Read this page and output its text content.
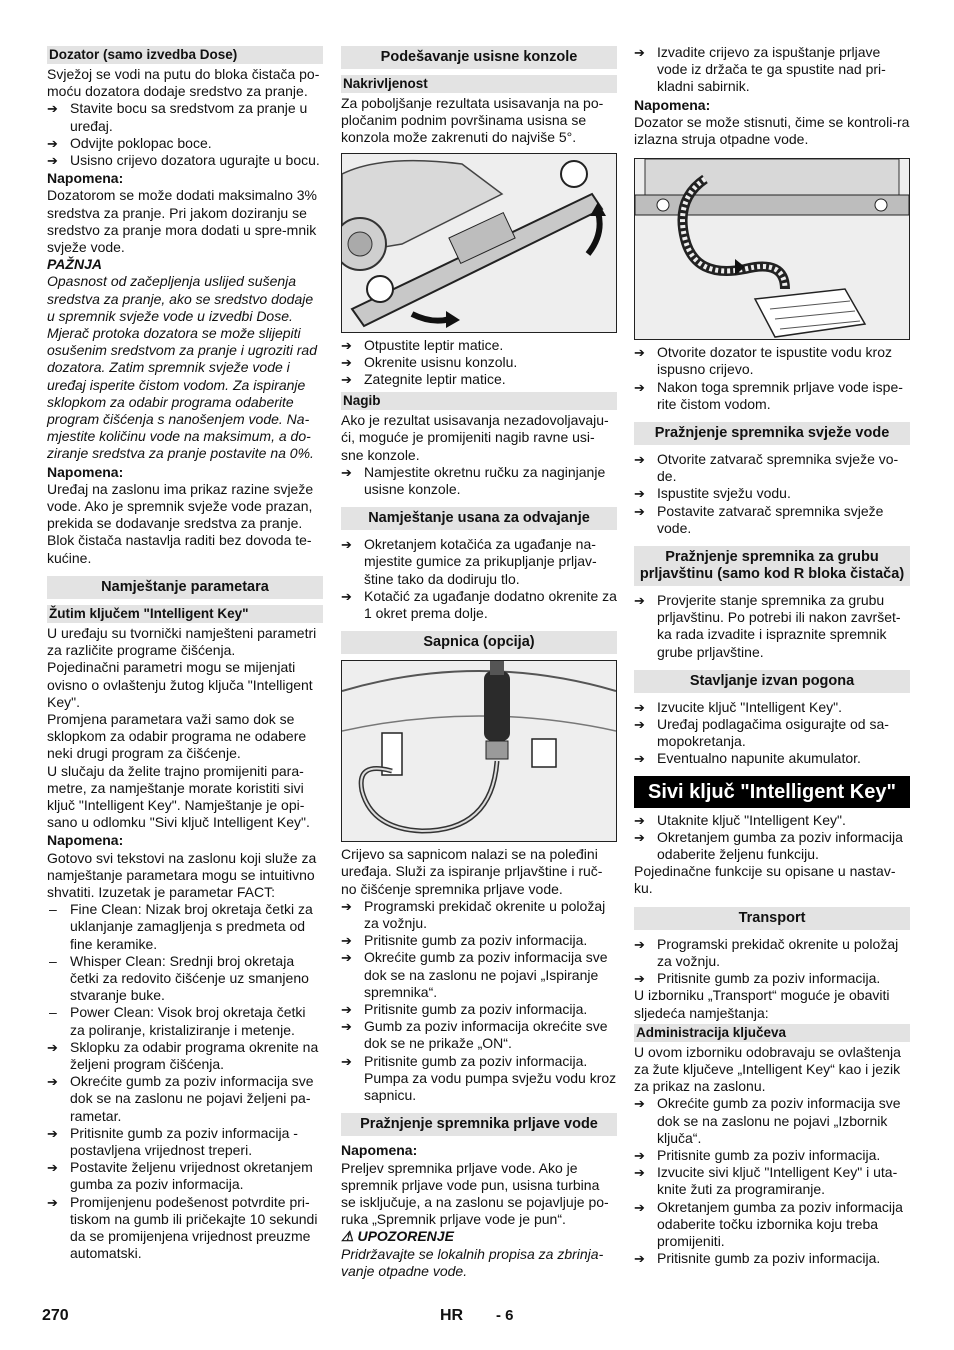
Dozator (samo izvedba Dose)

Svježoj se vodi na putu do bloka čistača po-moću dozatora dodaje sredstvo za pranje.

➔ Stavite bocu sa sredstvom za pranje u uređaj.
➔ Odvijte poklopac boce.
➔ Usisno crijevo dozatora ugurajte u bocu.

Napomena:

Dozatorom se može dodati maksimalno 3% sredstva za pranje. Pri jakom doziranju se sredstvo za pranje mora dodati u spre-mnik svježe vode.

PAŽNJA

Opasnost od začepljenja uslijed sušenja sredstva za pranje, ako se sredstvo dodaje u spremnik svježe vode u izvedbi Dose. Mjerač protoka dozatora se može slijepiti osušenim sredstvom za pranje i ugroziti rad dozatora. Zatim spremnik svježe vode i uređaj isperite čistom vodom. Za ispiranje sklopkom za odabir programa odaberite program čišćenja s nanošenjem vode. Na-mjestite količinu vode na maksimum, a do-ziranje sredstva za pranje postavite na 0%.

Napomena:

Uređaj na zaslonu ima prikaz razine svježe vode. Ako je spremnik svježe vode prazan, prekida se dodavanje sredstva za pranje. Blok čistača nastavlja raditi bez dovoda te-kućine.

Namještanje parametara
Žutim ključem "Intelligent Key"

U uređaju su tvornički namješteni parametri za različite programe čišćenja.

Pojedinačni parametri mogu se mijenjati ovisno o ovlaštenju žutog ključa "Intelligent Key".

Promjena parametara važi samo dok se sklopkom za odabir programa ne odabere neki drugi program za čišćenje.

U slučaju da želite trajno promijeniti para-metre, za namještanje morate koristiti sivi ključ "Intelligent Key". Namještanje je opi-sano u odlomku "Sivi ključ Intelligent Key".

Napomena:

Gotovo svi tekstovi na zaslonu koji služe za namještanje parametara mogu se intuitivno shvatiti. Izuzetak je parametar FACT:

– Fine Clean: Nizak broj okretaja četki za uklanjanje zamagljenja s predmeta od fine keramike.
– Whisper Clean: Srednji broj okretaja četki za redovito čišćenje uz smanjeno stvaranje buke.
– Power Clean: Visok broj okretaja četki za poliranje, kristaliziranje i metenje.
➔ Sklopku za odabir programa okrenite na željeni program čišćenja.
➔ Okrećite gumb za poziv informacija sve dok se na zaslonu ne pojavi željeni pa-rametar.
➔ Pritisnite gumb za poziv informacija - postavljena vrijednost treperi.
➔ Postavite željenu vrijednost okretanjem gumba za poziv informacija.
➔ Promijenjenu podešenost potvrdite pri-tiskom na gumb ili pričekajte 10 sekundi da se promijenjena vrijednost preuzme automatski.
Podešavanje usisne konzole
Nakrivljenost

Za poboljšanje rezultata usisavanja na po-pločanim podnim površinama usisna se konzola može zakrenuti do najviše 5°.

➔ Otpustite leptir matice.
➔ Okrenite usisnu konzolu.
➔ Zategnite leptir matice.
Nagib

Ako je rezultat usisavanja nezadovoljavaju-ći, moguće je promijeniti nagib ravne usi-sne konzole.

➔ Namjestite okretnu ručku za naginjanje usisne konzole.
Namještanje usana za odvajanje
➔ Okretanjem kotačića za ugađanje na-mjestite gumice za prikupljanje prljav-štine tako da dodiruju tlo.
➔ Kotačić za ugađanje dodatno okrenite za 1 okret prema dolje.
Sapnica (opcija)

Crijevo sa sapnicom nalazi se na poleđini uređaja. Služi za ispiranje prljavštine i ruč-no čišćenje spremnika prljave vode.

➔ Programski prekidač okrenite u položaj za vožnju.
➔ Pritisnite gumb za poziv informacija.
➔ Okrećite gumb za poziv informacija sve dok se na zaslonu ne pojavi „Ispiranje spremnika“.
➔ Pritisnite gumb za poziv informacija.
➔ Gumb za poziv informacija okrećite sve dok se ne prikaže „ON“.
➔ Pritisnite gumb za poziv informacija. Pumpa za vodu pumpa svježu vodu kroz sapnicu.
Pražnjenje spremnika prljave vode

Napomena:

Preljev spremnika prljave vode. Ako je spremnik prljave vode pun, usisna turbina se isključuje, a na zaslonu se pojavljuje po-ruka „Spremnik prljave vode je pun“.

⚠ UPOZORENJE

Pridržavajte se lokalnih propisa za zbrinja-vanje otpadne vode.

➔ Izvadite crijevo za ispuštanje prljave vode iz držača te ga spustite nad pri-kladni sabirnik.

Napomena:

Dozator se može stisnuti, čime se kontroli-ra izlazna struja otpadne vode.

➔ Otvorite dozator te ispustite vodu kroz ispusno crijevo.
➔ Nakon toga spremnik prljave vode ispe-rite čistom vodom.
Pražnjenje spremnika svježe vode
➔ Otvorite zatvarač spremnika svježe vo-de.
➔ Ispustite svježu vodu.
➔ Postavite zatvarač spremnika svježe vode.
Pražnjenje spremnika za grubu prljavštinu (samo kod R bloka čistača)
➔ Provjerite stanje spremnika za grubu prljavštinu. Po potrebi ili nakon završet-ka rada izvadite i ispraznite spremnik grube prljavštine.
Stavljanje izvan pogona
➔ Izvucite ključ "Intelligent Key".
➔ Uređaj podlagačima osigurajte od sa-mopokretanja.
➔ Eventualno napunite akumulator.
Sivi ključ "Intelligent Key"
➔ Utaknite ključ "Intelligent Key".
➔ Okretanjem gumba za poziv informacija odaberite željenu funkciju.

Pojedinačne funkcije su opisane u nastav-ku.

Transport
➔ Programski prekidač okrenite u položaj za vožnju.
➔ Pritisnite gumb za poziv informacija.

U izborniku „Transport“ moguće je obaviti sljedeća namještanja:

Administracija ključeva

U ovom izborniku odobravaju se ovlaštenja za žute ključeve „Intelligent Key“ kao i jezik za prikaz na zaslonu.

➔ Okrećite gumb za poziv informacija sve dok se na zaslonu ne pojavi „Izbornik ključa“.
➔ Pritisnite gumb za poziv informacija.
➔ Izvucite sivi ključ "Intelligent Key" i uta-knite žuti za programiranje.
➔ Okretanjem gumba za poziv informacija odaberite točku izbornika koju treba promijeniti.
➔ Pritisnite gumb za poziv informacija.
270	HR - 6
